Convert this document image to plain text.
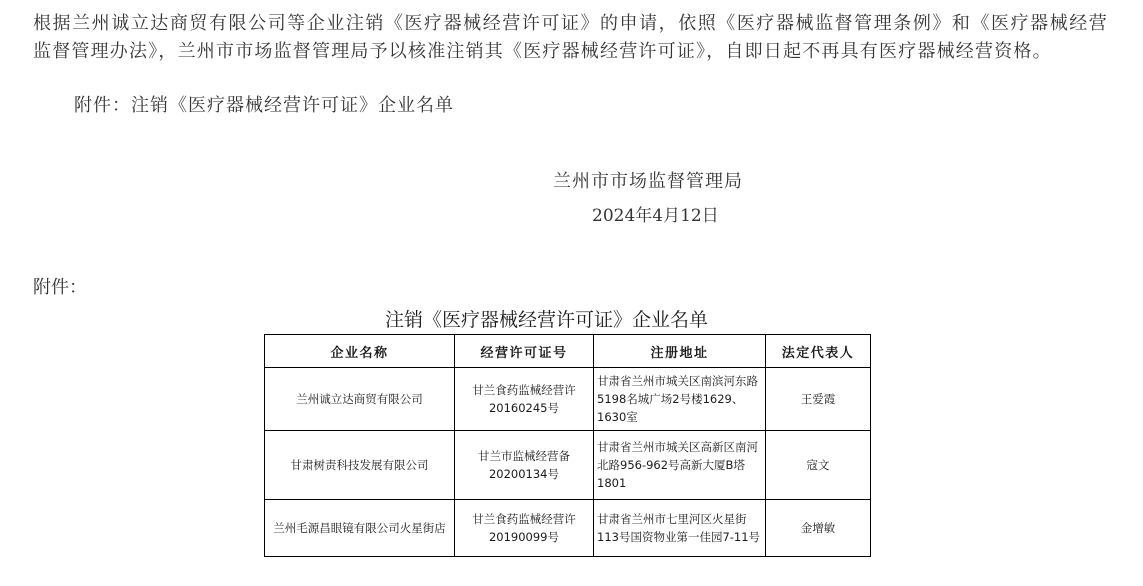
根据兰州诚立达商贸有限公司等企业注销《医疗器械经营许可证》的申请，依照《医疗器械监督管理条例》和《医疗器械经营监督管理办法》，兰州市市场监督管理局予以核准注销其《医疗器械经营许可证》，自即日起不再具有医疗器械经营资格。

附件：注销《医疗器械经营许可证》企业名单

兰州市市场监督管理局
2024年4月12日
附件：
注销《医疗器械经营许可证》企业名单
企业名称	经营许可证号	注册地址	法定代表人
兰州诚立达商贸有限公司	甘兰食药监械经营许20160245号	甘肃省兰州市城关区南滨河东路5198名城广场2号楼1629、1630室	王爱霞
甘肃树责科技发展有限公司	甘兰市监械经营备20200134号	甘肃省兰州市城关区高新区南河北路956-962号高新大厦B塔1801	寇文
兰州毛源昌眼镜有限公司火星街店	甘兰食药监械经营许20190099号	甘肃省兰州市七里河区火星街113号国资物业第一佳园7-11号	金增敏
